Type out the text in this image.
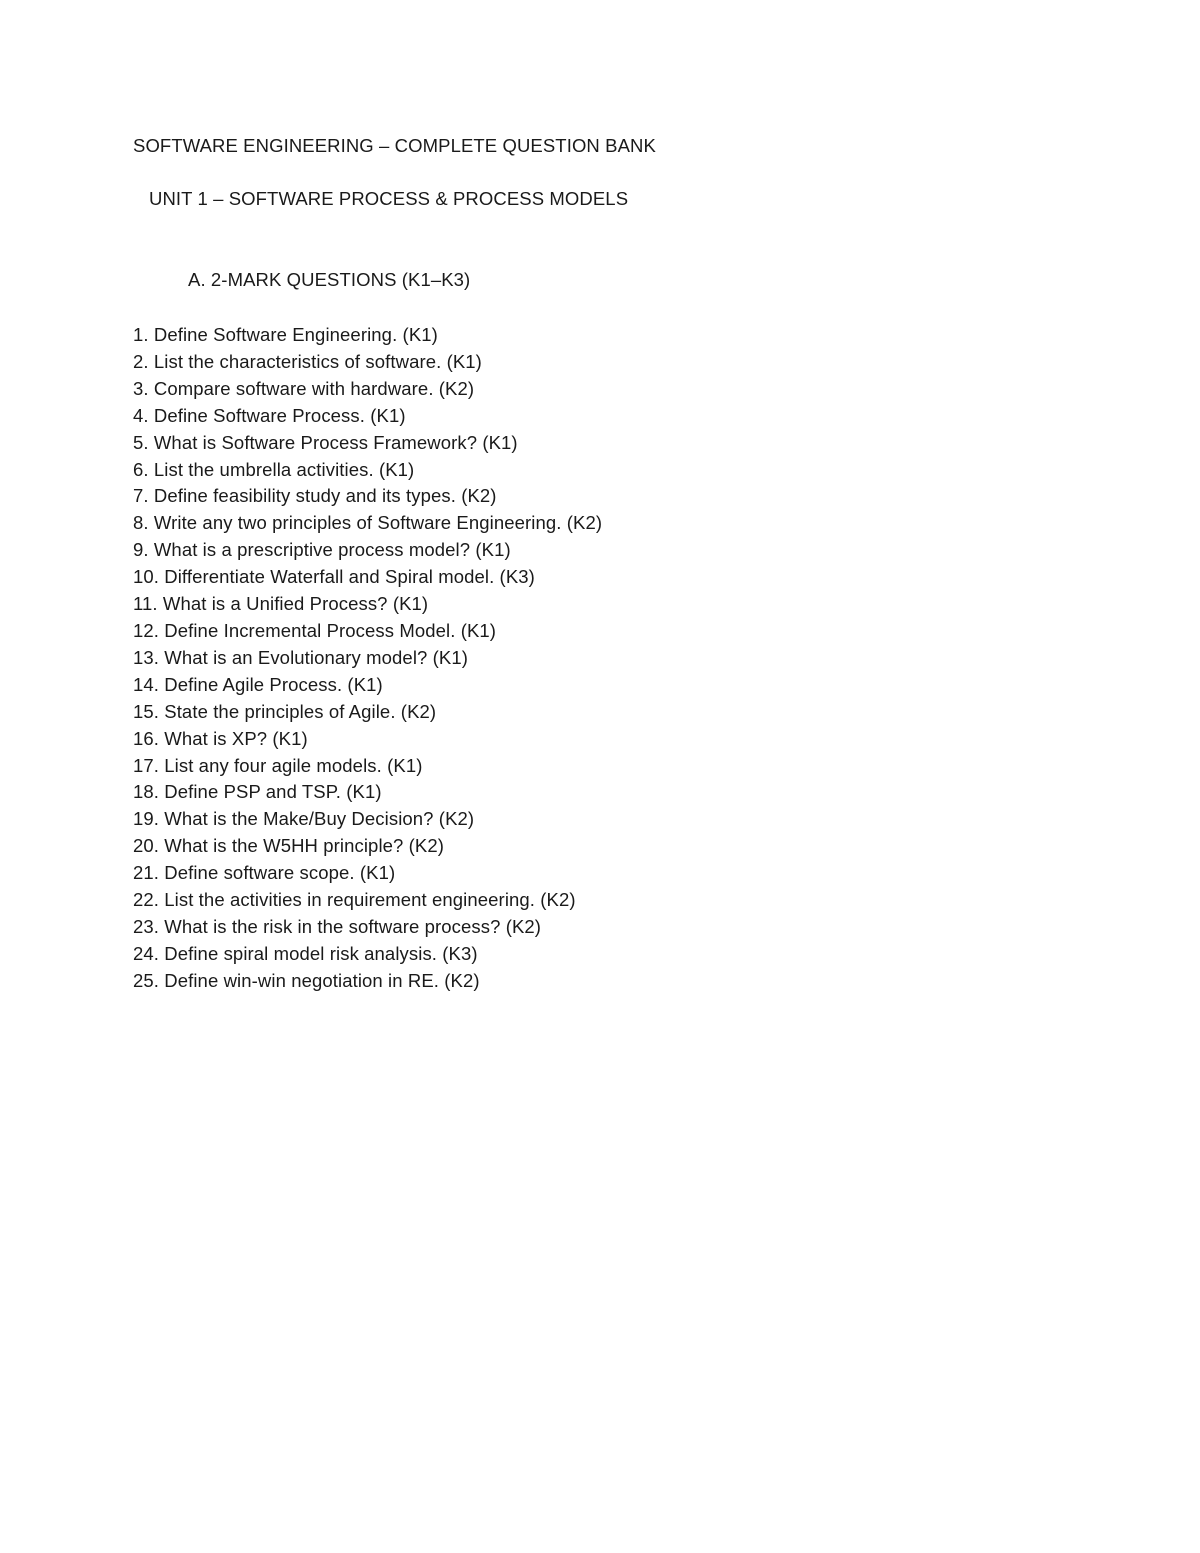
SOFTWARE ENGINEERING – COMPLETE QUESTION BANK
UNIT 1 – SOFTWARE PROCESS & PROCESS MODELS
A. 2-MARK QUESTIONS (K1–K3)
1. Define Software Engineering. (K1)
2. List the characteristics of software. (K1)
3. Compare software with hardware. (K2)
4. Define Software Process. (K1)
5. What is Software Process Framework? (K1)
6. List the umbrella activities. (K1)
7. Define feasibility study and its types. (K2)
8. Write any two principles of Software Engineering. (K2)
9. What is a prescriptive process model? (K1)
10. Differentiate Waterfall and Spiral model. (K3)
11. What is a Unified Process? (K1)
12. Define Incremental Process Model. (K1)
13. What is an Evolutionary model? (K1)
14. Define Agile Process. (K1)
15. State the principles of Agile. (K2)
16. What is XP? (K1)
17. List any four agile models. (K1)
18. Define PSP and TSP. (K1)
19. What is the Make/Buy Decision? (K2)
20. What is the W5HH principle? (K2)
21. Define software scope. (K1)
22. List the activities in requirement engineering. (K2)
23. What is the risk in the software process? (K2)
24. Define spiral model risk analysis. (K3)
25. Define win-win negotiation in RE. (K2)
